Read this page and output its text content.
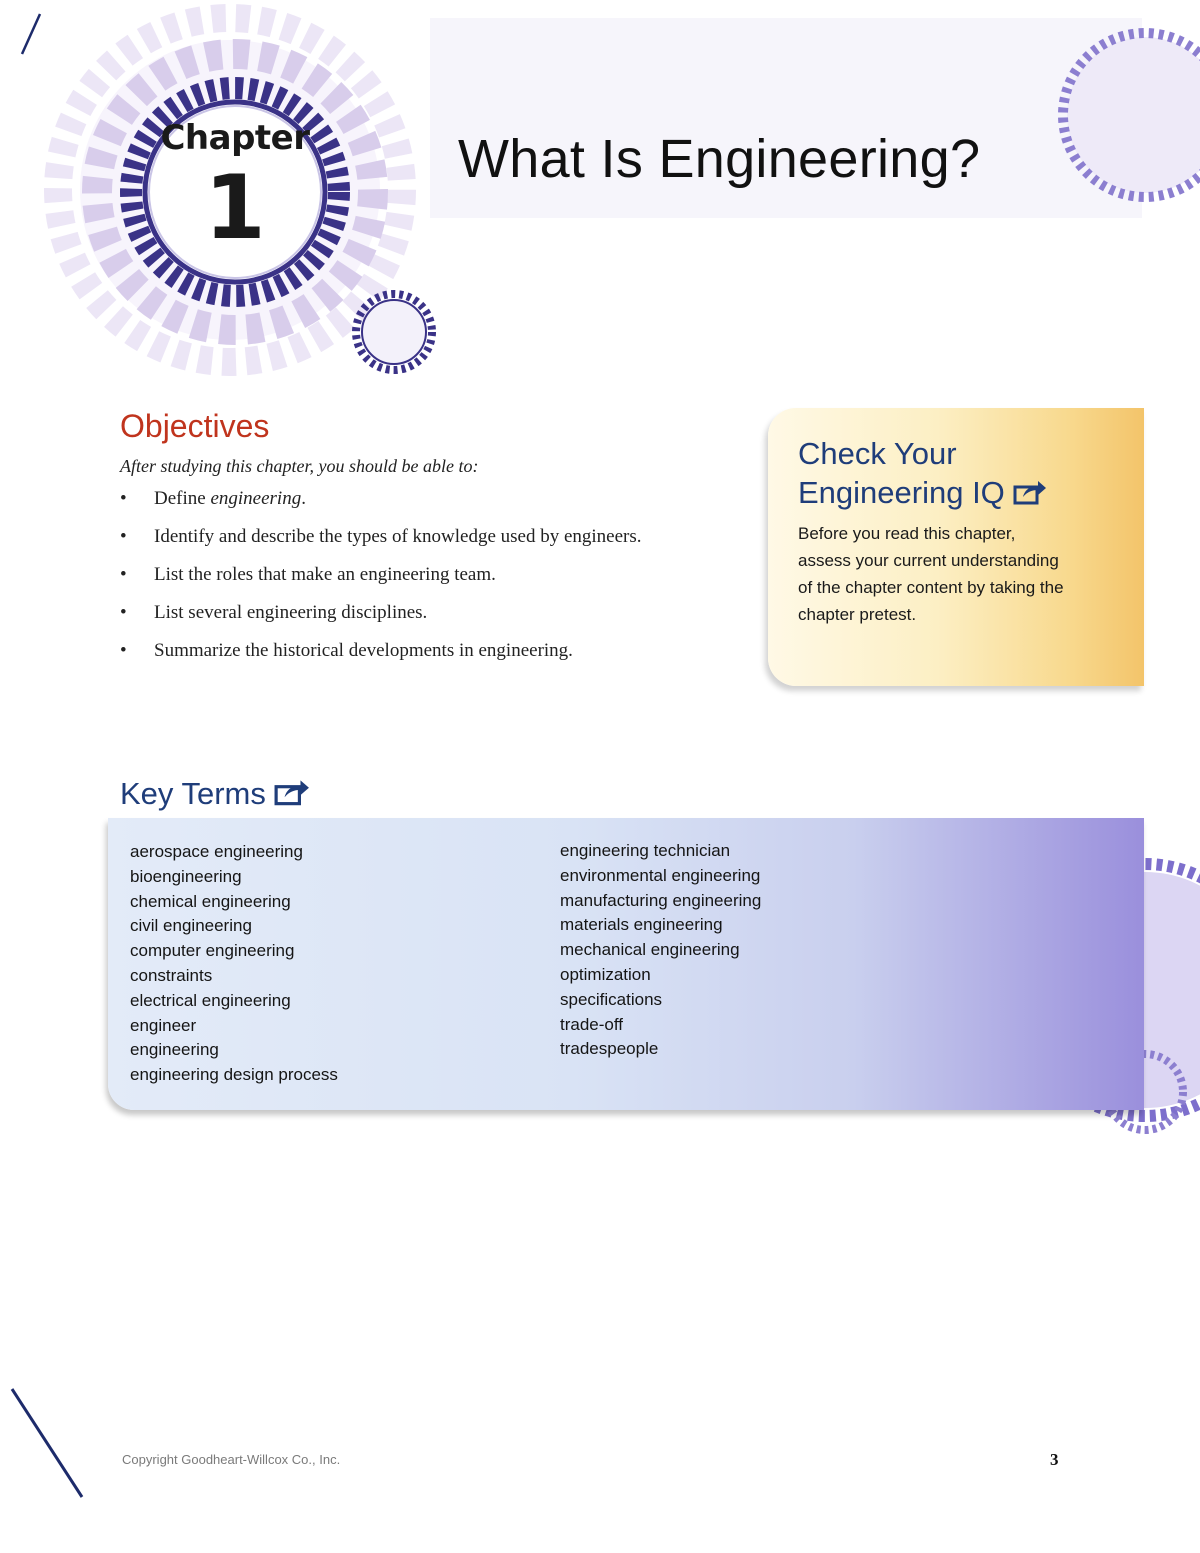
Chapter
1	What Is Engineering?
Objectives

After studying this chapter, you should be able to:

• Define engineering.
• Identify and describe the types of knowledge used by engineers.
• List the roles that make an engineering team.
• List several engineering disciplines.
• Summarize the historical developments in engineering.
Check Your
Engineering IQ

Before you read this chapter, assess your current understanding of the chapter content by taking the chapter pretest.

Key Terms
aerospace engineering
bioengineering
chemical engineering
civil engineering
computer engineering
constraints
electrical engineering
engineer
engineering
engineering design process
engineering technician
environmental engineering
manufacturing engineering
materials engineering
mechanical engineering
optimization
specifications
trade-off
tradespeople
Copyright Goodheart-Willcox Co., Inc.	3
